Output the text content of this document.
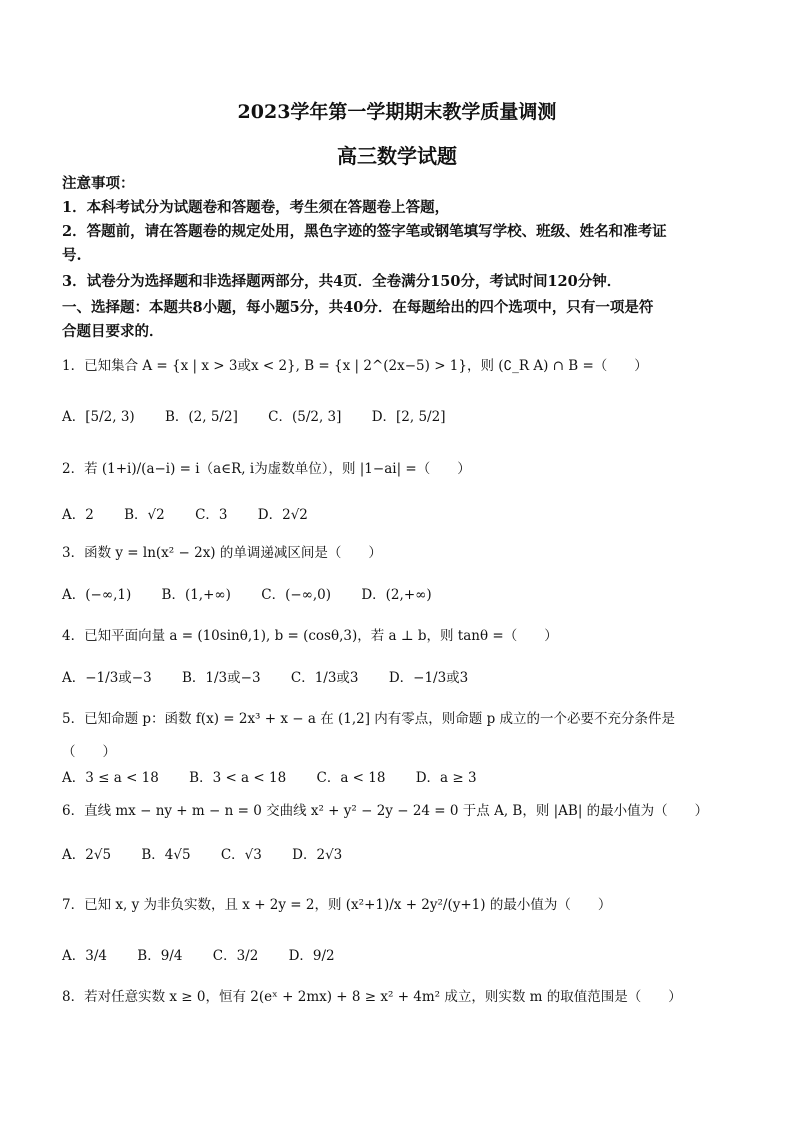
2023学年第一学期期末教学质量调测
高三数学试题
注意事项：
1．本科考试分为试题卷和答题卷，考生须在答题卷上答题，
2．答题前，请在答题卷的规定处用，黑色字迹的签字笔或钢笔填写学校、班级、姓名和准考证
号.
3．试卷分为选择题和非选择题两部分，共4页．全卷满分150分，考试时间120分钟．
一、选择题：本题共8小题，每小题5分，共40分．在每题给出的四个选项中，只有一项是符
合题目要求的．
1．已知集合 A = {x | x > 3或x < 2}, B = {x | 2^(2x−5) > 1}，则 (∁_R A) ∩ B =（　　）
A．[5/2, 3) B．(2, 5/2] C．(5/2, 3] D．[2, 5/2]
2．若 (1+i)/(a−i) = i（a∈R, i为虚数单位），则 |1−ai| =（　　）
A．2 B．√2 C．3 D．2√2
3．函数 y = ln(x² − 2x) 的单调递减区间是（　　）
A．(−∞,1) B．(1,+∞) C．(−∞,0) D．(2,+∞)
4．已知平面向量 a = (10sinθ,1), b = (cosθ,3)，若 a ⊥ b，则 tanθ =（　　）
A．−1/3或−3 B．1/3或−3 C．1/3或3 D．−1/3或3
5．已知命题 p：函数 f(x) = 2x³ + x − a 在 (1,2] 内有零点，则命题 p 成立的一个必要不充分条件是
（　　）
A．3 ≤ a < 18 B．3 < a < 18 C．a < 18 D．a ≥ 3
6．直线 mx − ny + m − n = 0 交曲线 x² + y² − 2y − 24 = 0 于点 A, B，则 |AB| 的最小值为（　　）
A．2√5 B．4√5 C．√3 D．2√3
7．已知 x, y 为非负实数，且 x + 2y = 2，则 (x²+1)/x + 2y²/(y+1) 的最小值为（　　）
A．3/4 B．9/4 C．3/2 D．9/2
8．若对任意实数 x ≥ 0，恒有 2(eˣ + 2mx) + 8 ≥ x² + 4m² 成立，则实数 m 的取值范围是（　　）
